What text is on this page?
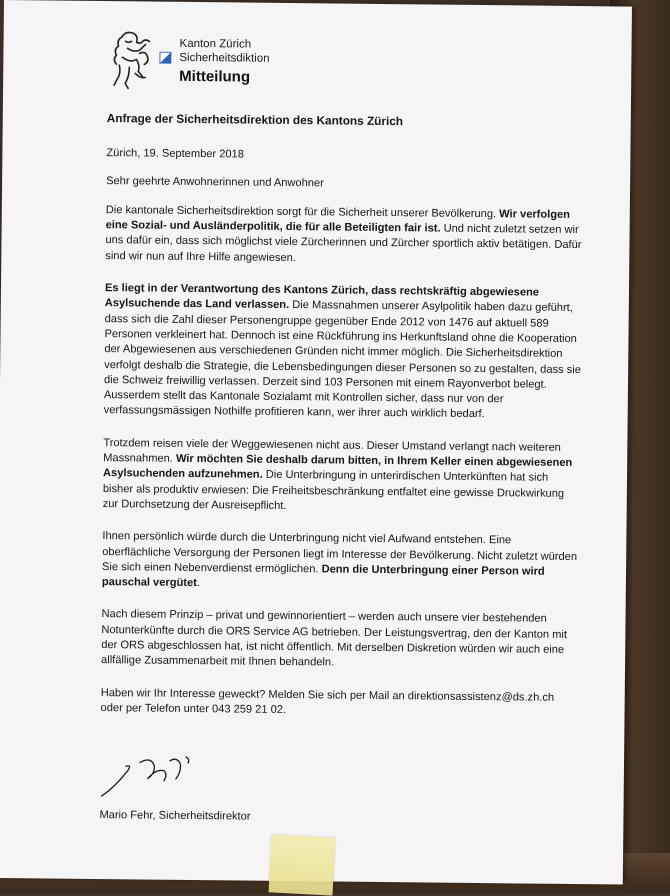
Kanton Zürich
Sicherheitsdiktion
Mitteilung
Anfrage der Sicherheitsdirektion des Kantons Zürich
Zürich, 19. September 2018
Sehr geehrte Anwohnerinnen und Anwohner

Die kantonale Sicherheitsdirektion sorgt für die Sicherheit unserer Bevölkerung. Wir verfolgen eine Sozial- und Ausländerpolitik, die für alle Beteiligten fair ist. Und nicht zuletzt setzen wir uns dafür ein, dass sich möglichst viele Zürcherinnen und Zürcher sportlich aktiv betätigen. Dafür sind wir nun auf Ihre Hilfe angewiesen.

Es liegt in der Verantwortung des Kantons Zürich, dass rechtskräftig abgewiesene Asylsuchende das Land verlassen. Die Massnahmen unserer Asylpolitik haben dazu geführt, dass sich die Zahl dieser Personengruppe gegenüber Ende 2012 von 1476 auf aktuell 589 Personen verkleinert hat. Dennoch ist eine Rückführung ins Herkunftsland ohne die Kooperation der Abgewiesenen aus verschiedenen Gründen nicht immer möglich. Die Sicherheitsdirektion verfolgt deshalb die Strategie, die Lebensbedingungen dieser Personen so zu gestalten, dass sie die Schweiz freiwillig verlassen. Derzeit sind 103 Personen mit einem Rayonverbot belegt. Ausserdem stellt das Kantonale Sozialamt mit Kontrollen sicher, dass nur von der verfassungsmässigen Nothilfe profitieren kann, wer ihrer auch wirklich bedarf.

Trotzdem reisen viele der Weggewiesenen nicht aus. Dieser Umstand verlangt nach weiteren Massnahmen. Wir möchten Sie deshalb darum bitten, in Ihrem Keller einen abgewiesenen Asylsuchenden aufzunehmen. Die Unterbringung in unterirdischen Unterkünften hat sich bisher als produktiv erwiesen: Die Freiheitsbeschränkung entfaltet eine gewisse Druckwirkung zur Durchsetzung der Ausreisepflicht.

Ihnen persönlich würde durch die Unterbringung nicht viel Aufwand entstehen. Eine oberflächliche Versorgung der Personen liegt im Interesse der Bevölkerung. Nicht zuletzt würden Sie sich einen Nebenverdienst ermöglichen. Denn die Unterbringung einer Person wird pauschal vergütet.

Nach diesem Prinzip – privat und gewinnorientiert – werden auch unsere vier bestehenden Notunterkünfte durch die ORS Service AG betrieben. Der Leistungsvertrag, den der Kanton mit der ORS abgeschlossen hat, ist nicht öffentlich. Mit derselben Diskretion würden wir auch eine allfällige Zusammenarbeit mit Ihnen behandeln.

Haben wir Ihr Interesse geweckt? Melden Sie sich per Mail an direktionsassistenz@ds.zh.ch oder per Telefon unter 043 259 21 02.

Mario Fehr, Sicherheitsdirektor
